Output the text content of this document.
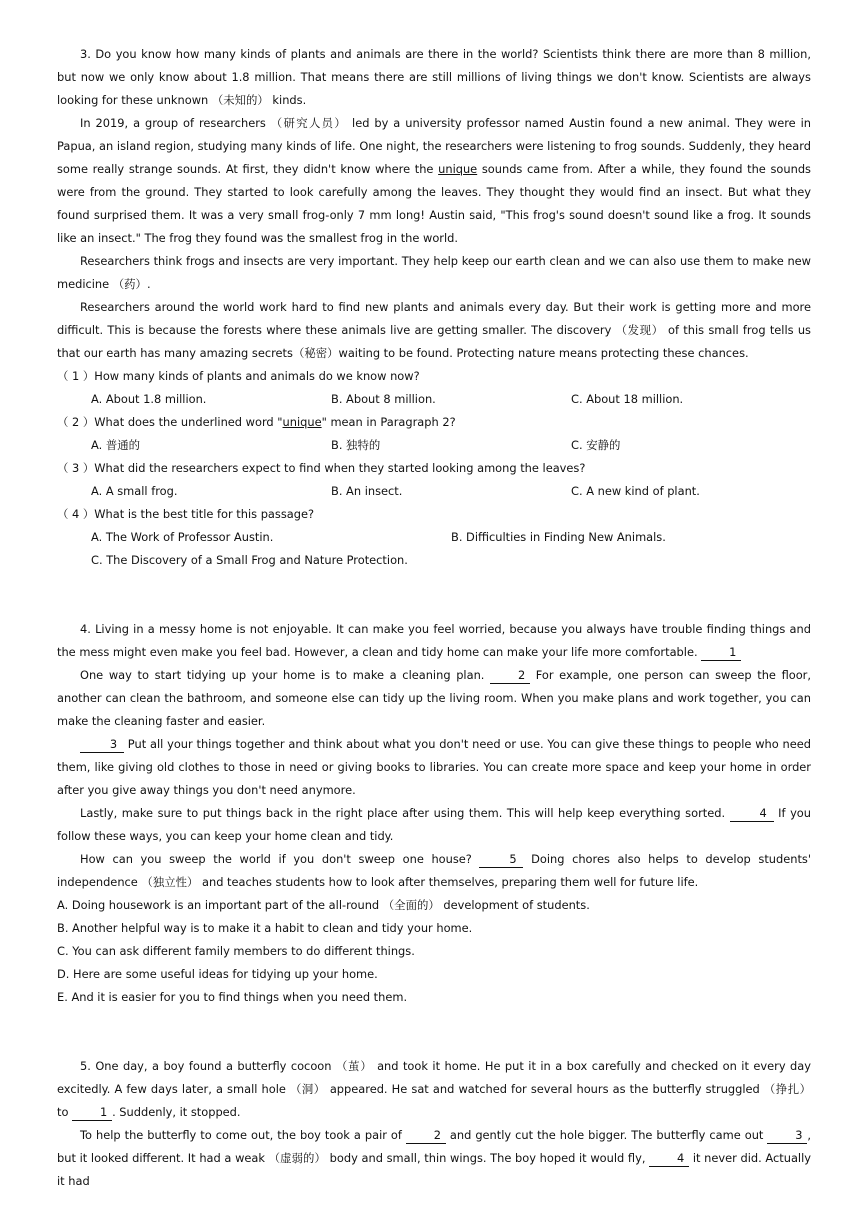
3. Do you know how many kinds of plants and animals are there in the world? Scientists think there are more than 8 million, but now we only know about 1.8 million. That means there are still millions of living things we don't know. Scientists are always looking for these unknown （未知的） kinds.

In 2019, a group of researchers （研究人员） led by a university professor named Austin found a new animal. They were in Papua, an island region, studying many kinds of life. One night, the researchers were listening to frog sounds. Suddenly, they heard some really strange sounds. At first, they didn't know where the unique sounds came from. After a while, they found the sounds were from the ground. They started to look carefully among the leaves. They thought they would find an insect. But what they found surprised them. It was a very small frog-only 7 mm long! Austin said, "This frog's sound doesn't sound like a frog. It sounds like an insect." The frog they found was the smallest frog in the world.

Researchers think frogs and insects are very important. They help keep our earth clean and we can also use them to make new medicine （药）.

Researchers around the world work hard to find new plants and animals every day. But their work is getting more and more difficult. This is because the forests where these animals live are getting smaller. The discovery （发现） of this small frog tells us that our earth has many amazing secrets（秘密）waiting to be found. Protecting nature means protecting these chances.

（ 1 ）How many kinds of plants and animals do we know now?

A. About 1.8 million.	B. About 8 million.	C. About 18 million.

（ 2 ）What does the underlined word "unique" mean in Paragraph 2?

A. 普通的	B. 独特的	C. 安静的

（ 3 ）What did the researchers expect to find when they started looking among the leaves?

A. A small frog.	B. An insect.	C. A new kind of plant.

（ 4 ）What is the best title for this passage?

A. The Work of Professor Austin.	B. Difficulties in Finding New Animals.
C. The Discovery of a Small Frog and Nature Protection.

4. Living in a messy home is not enjoyable. It can make you feel worried, because you always have trouble finding things and the mess might even make you feel bad. However, a clean and tidy home can make your life more comfortable. 1

One way to start tidying up your home is to make a cleaning plan. 2 For example, one person can sweep the floor, another can clean the bathroom, and someone else can tidy up the living room. When you make plans and work together, you can make the cleaning faster and easier.

3 Put all your things together and think about what you don't need or use. You can give these things to people who need them, like giving old clothes to those in need or giving books to libraries. You can create more space and keep your home in order after you give away things you don't need anymore.

Lastly, make sure to put things back in the right place after using them. This will help keep everything sorted.	4 If you follow these ways, you can keep your home clean and tidy.

How can you sweep the world if you don't sweep one house?	5 Doing chores also helps to develop students' independence （独立性） and teaches students how to look after themselves, preparing them well for future life.

A. Doing housework is an important part of the all-round （全面的） development of students.

B. Another helpful way is to make it a habit to clean and tidy your home.

C. You can ask different family members to do different things.

D. Here are some useful ideas for tidying up your home.

E. And it is easier for you to find things when you need them.

5. One day, a boy found a butterfly cocoon （茧） and took it home. He put it in a box carefully and checked on it every day excitedly. A few days later, a small hole （洞） appeared. He sat and watched for several hours as the butterfly struggled （挣扎） to 1 . Suddenly, it stopped.

To help the butterfly to come out, the boy took a pair of 2 and gently cut the hole bigger. The butterfly came out 3 , but it looked different. It had a weak （虚弱的） body and small, thin wings. The boy hoped it would fly, 4 it never did. Actually it had
